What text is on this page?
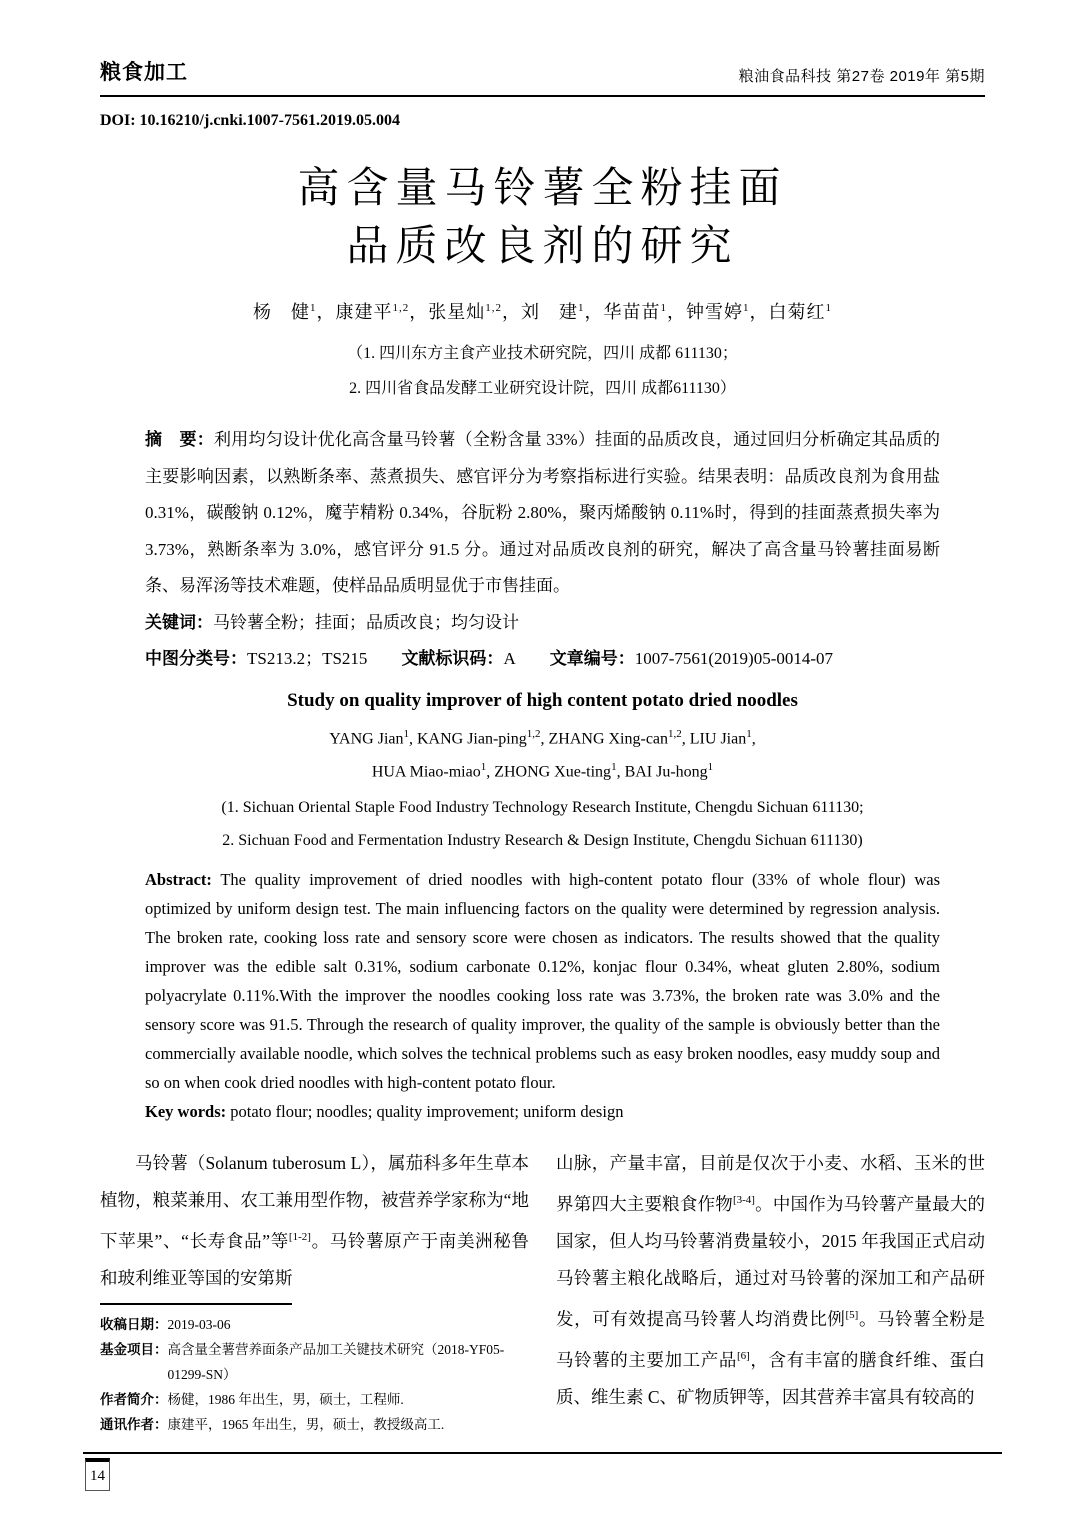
粮食加工	粮油食品科技 第27卷 2019年 第5期
DOI: 10.16210/j.cnki.1007-7561.2019.05.004
高含量马铃薯全粉挂面
品质改良剂的研究
杨　健$^1$，康建平$^{1,2}$，张星灿$^{1,2}$，刘　建$^1$，华苗苗$^1$，钟雪婷$^1$，白菊红$^1$
（1. 四川东方主食产业技术研究院，四川 成都 611130；
2. 四川省食品发酵工业研究设计院，四川 成都611130）

摘　要：利用均匀设计优化高含量马铃薯（全粉含量 33%）挂面的品质改良，通过回归分析确定其品质的主要影响因素，以熟断条率、蒸煮损失、感官评分为考察指标进行实验。结果表明：品质改良剂为食用盐 0.31%，碳酸钠 0.12%，魔芋精粉 0.34%，谷朊粉 2.80%，聚丙烯酸钠 0.11%时，得到的挂面蒸煮损失率为 3.73%，熟断条率为 3.0%，感官评分 91.5 分。通过对品质改良剂的研究，解决了高含量马铃薯挂面易断条、易浑汤等技术难题，使样品品质明显优于市售挂面。

关键词：马铃薯全粉；挂面；品质改良；均匀设计

中图分类号：TS213.2；TS215 文献标识码：A 文章编号：1007-7561(2019)05-0014-07

Study on quality improver of high content potato dried noodles
YANG Jian$^1$, KANG Jian-ping$^{1,2}$, ZHANG Xing-can$^{1,2}$, LIU Jian$^1$,
HUA Miao-miao$^1$, ZHONG Xue-ting$^1$, BAI Ju-hong$^1$
(1. Sichuan Oriental Staple Food Industry Technology Research Institute, Chengdu Sichuan 611130;
2. Sichuan Food and Fermentation Industry Research & Design Institute, Chengdu Sichuan 611130)

Abstract: The quality improvement of dried noodles with high-content potato flour (33% of whole flour) was optimized by uniform design test. The main influencing factors on the quality were determined by regression analysis. The broken rate, cooking loss rate and sensory score were chosen as indicators. The results showed that the quality improver was the edible salt 0.31%, sodium carbonate 0.12%, konjac flour 0.34%, wheat gluten 2.80%, sodium polyacrylate 0.11%.With the improver the noodles cooking loss rate was 3.73%, the broken rate was 3.0% and the sensory score was 91.5. Through the research of quality improver, the quality of the sample is obviously better than the commercially available noodle, which solves the technical problems such as easy broken noodles, easy muddy soup and so on when cook dried noodles with high-content potato flour.

Key words: potato flour; noodles; quality improvement; uniform design

马铃薯（Solanum tuberosum L），属茄科多年生草本植物，粮菜兼用、农工兼用型作物，被营养学家称为“地下苹果”、“长寿食品”等[1-2]。马铃薯原产于南美洲秘鲁和玻利维亚等国的安第斯

收稿日期： 2019-03-06
基金项目： 高含量全薯营养面条产品加工关键技术研究（2018-YF05-01299-SN）
作者简介： 杨健，1986 年出生，男，硕士，工程师.
通讯作者： 康建平，1965 年出生，男，硕士，教授级高工.

山脉，产量丰富，目前是仅次于小麦、水稻、玉米的世界第四大主要粮食作物[3-4]。中国作为马铃薯产量最大的国家，但人均马铃薯消费量较小，2015 年我国正式启动马铃薯主粮化战略后，通过对马铃薯的深加工和产品研发，可有效提高马铃薯人均消费比例[5]。马铃薯全粉是马铃薯的主要加工产品[6]，含有丰富的膳食纤维、蛋白质、维生素 C、矿物质钾等，因其营养丰富具有较高的

14
